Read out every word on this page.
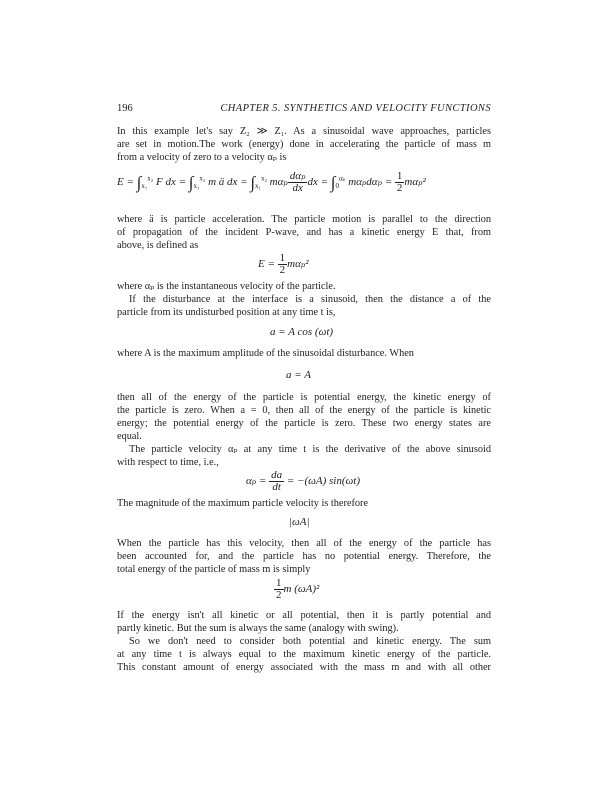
196	CHAPTER 5. SYNTHETICS AND VELOCITY FUNCTIONS
In this example let's say Z₂ ≫ Z₁. As a sinusoidal wave approaches, particles
are set in motion.The work (energy) done in accelerating the particle of mass m
from a velocity of zero to a velocity αₚ is
$E = \int_{x_1}^{x_2}$ F dx = $\int_{x_1}^{x_2}$ m ä dx = $\int_{x_1}^{x_2}$ mαₚ $\frac{\text{dαₚ}}{dx}$ dx = $\int_0^{\alpha_p}$ $m\alpha_pd\alpha_p = \frac{1}{2} m\alpha_p^2$
where ä is particle acceleration. The particle motion is parallel to the direction
of propagation of the incident P-wave, and has a kinetic energy E that, from
above, is defined as
$E = \frac{1}{2} m\alpha_p^2$
where αₚ is the instantaneous velocity of the particle.
If the disturbance at the interface is a sinusoid, then the distance a of the
particle from its undisturbed position at any time t is,
a = A cos (ωt)
where A is the maximum amplitude of the sinusoidal disturbance. When
a = A
then all of the energy of the particle is potential energy, the kinetic energy of
the particle is zero. When a = 0, then all of the energy of the particle is kinetic
energy; the potential energy of the particle is zero. These two energy states are
equal.
The particle velocity αₚ at any time t is the derivative of the above sinusoid
with respect to time, i.e.,
$\alpha_p = \frac{da}{dt} = -(\omega A)$ sin(ωt)
The magnitude of the maximum particle velocity is therefore
|ωA|
When the particle has this velocity, then all of the energy of the particle has
been accounted for, and the particle has no potential energy. Therefore, the
total energy of the particle of mass m is simply
$\frac{1}{2}$ m (ωA)²
If the energy isn't all kinetic or all potential, then it is partly potential and
partly kinetic. But the sum is always the same (analogy with swing).
So we don't need to consider both potential and kinetic energy. The sum
at any time t is always equal to the maximum kinetic energy of the particle.
This constant amount of energy associated with the mass m and with all other
